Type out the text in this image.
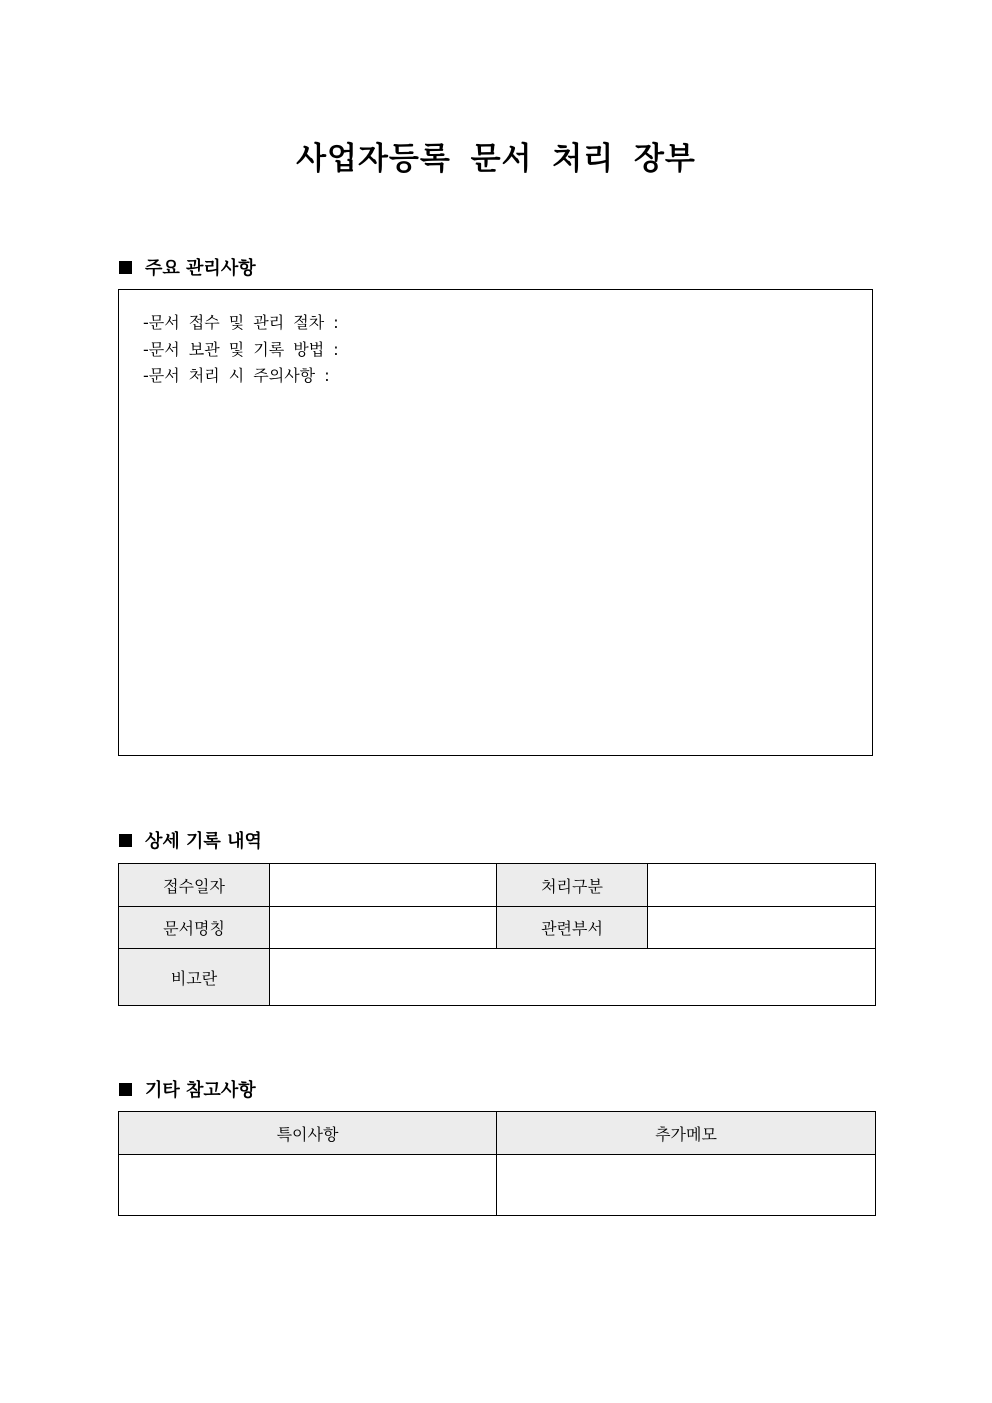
사업자등록 문서 처리 장부
주요 관리사항
-문서 접수 및 관리 절차 :
-문서 보관 및 기록 방법 :
-문서 처리 시 주의사항 :
상세 기록 내역
접수일자		처리구분	
문서명칭		관련부서	
비고란			
기타 참고사항
특이사항	추가메모
